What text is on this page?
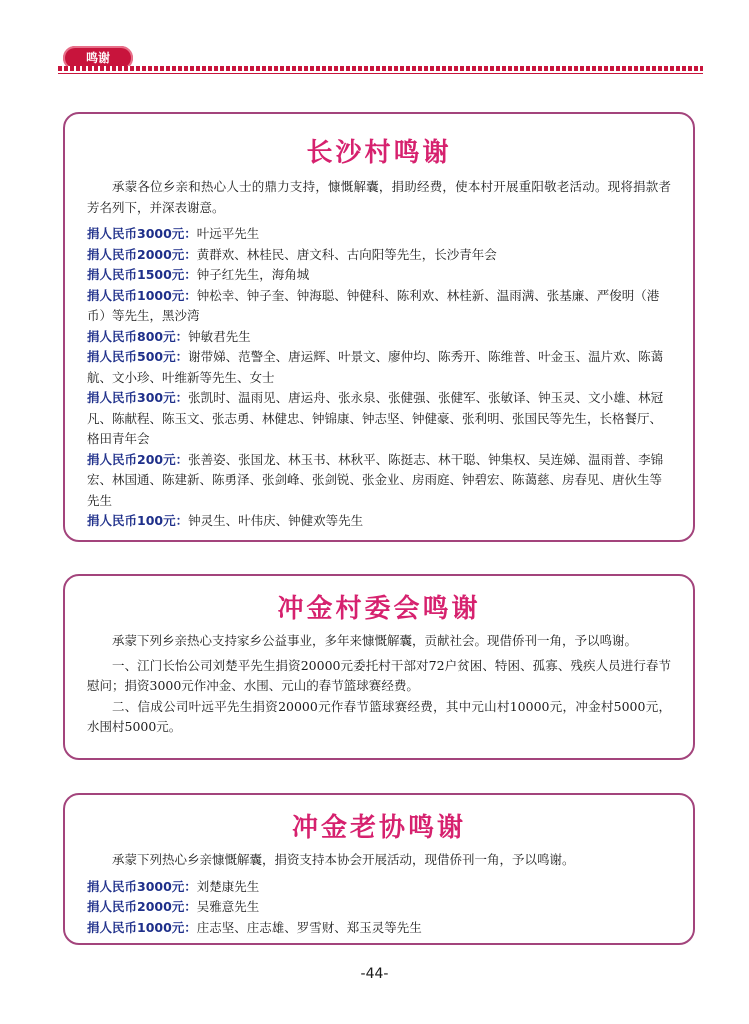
鸣谢
长沙村鸣谢

承蒙各位乡亲和热心人士的鼎力支持，慷慨解囊，捐助经费，使本村开展重阳敬老活动。现将捐款者芳名列下，并深表谢意。

捐人民币3000元：叶远平先生

捐人民币2000元：黄群欢、林桂民、唐文科、古向阳等先生，长沙青年会

捐人民币1500元：钟子红先生，海角城

捐人民币1000元：钟松幸、钟子奎、钟海聪、钟健科、陈利欢、林桂新、温雨满、张基廉、严俊明（港币）等先生，黑沙湾

捐人民币800元：钟敏君先生

捐人民币500元：谢带娣、范警全、唐运辉、叶景文、廖仲均、陈秀开、陈维普、叶金玉、温片欢、陈蔼航、文小珍、叶维新等先生、女士

捐人民币300元：张凯时、温雨见、唐运舟、张永泉、张健强、张健军、张敏译、钟玉灵、文小雄、林冠凡、陈献程、陈玉文、张志勇、林健忠、钟锦康、钟志坚、钟健豪、张利明、张国民等先生，长格餐厅、格田青年会

捐人民币200元：张善姿、张国龙、林玉书、林秋平、陈挺志、林干聪、钟集权、吴连娣、温雨普、李锦宏、林国通、陈建新、陈勇泽、张剑峰、张剑锐、张金业、房雨庭、钟碧宏、陈蔼慈、房春见、唐伙生等先生

捐人民币100元：钟灵生、叶伟庆、钟健欢等先生

冲金村委会鸣谢

承蒙下列乡亲热心支持家乡公益事业，多年来慷慨解囊，贡献社会。现借侨刊一角，予以鸣谢。

一、江门长怡公司刘楚平先生捐资20000元委托村干部对72户贫困、特困、孤寡、残疾人员进行春节慰问；捐资3000元作冲金、水围、元山的春节篮球赛经费。

二、信成公司叶远平先生捐资20000元作春节篮球赛经费，其中元山村10000元，冲金村5000元，水围村5000元。

冲金老协鸣谢

承蒙下列热心乡亲慷慨解囊，捐资支持本协会开展活动，现借侨刊一角，予以鸣谢。

捐人民币3000元：刘楚康先生

捐人民币2000元：吴雅意先生

捐人民币1000元：庄志坚、庄志雄、罗雪财、郑玉灵等先生

-44-
